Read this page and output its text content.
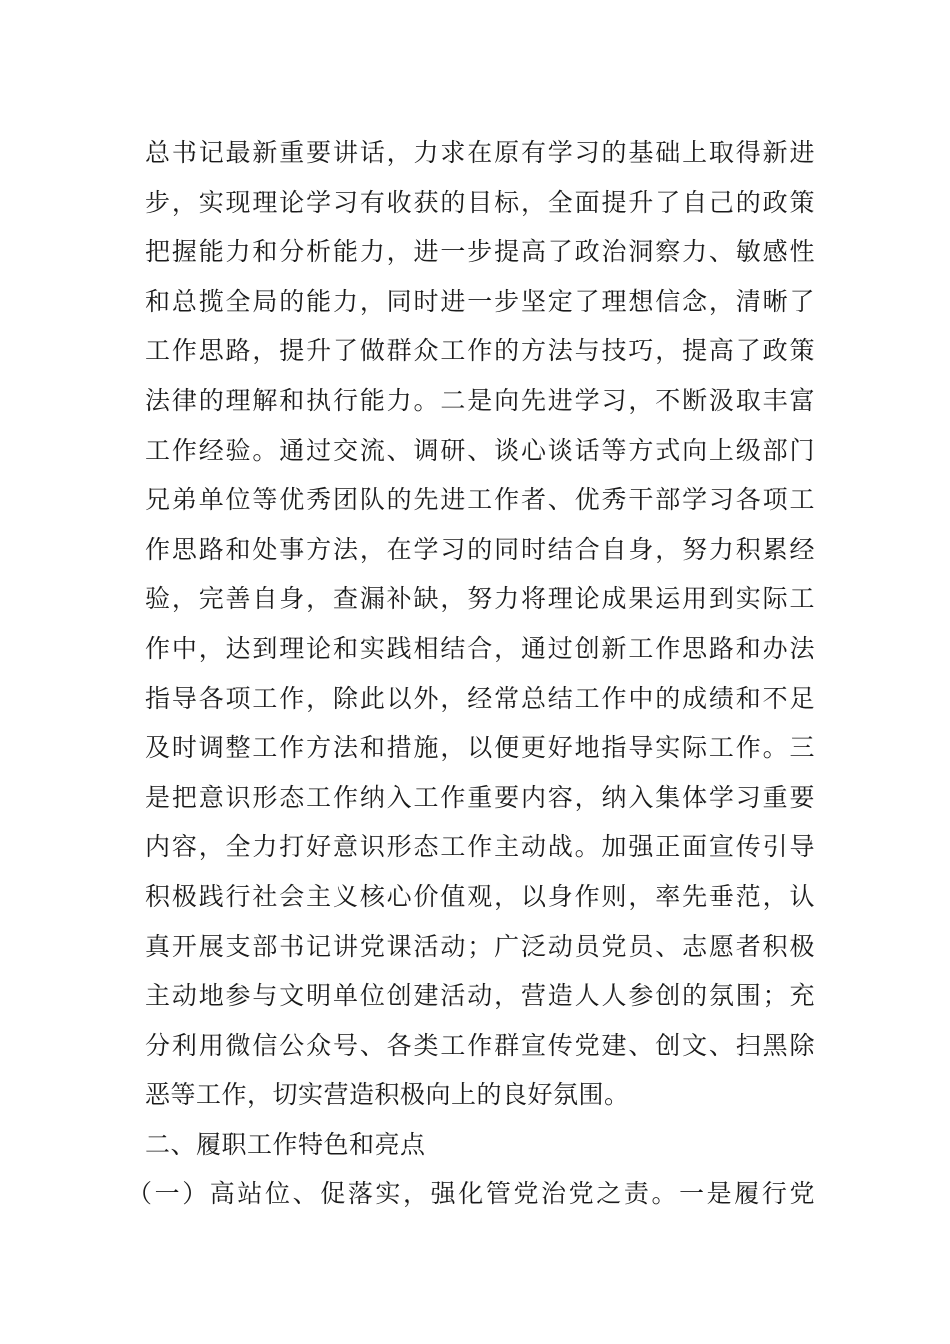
总书记最新重要讲话，力求在原有学习的基础上取得新进
步，实现理论学习有收获的目标，全面提升了自己的政策
把握能力和分析能力，进一步提高了政治洞察力、敏感性
和总揽全局的能力，同时进一步坚定了理想信念，清晰了
工作思路，提升了做群众工作的方法与技巧，提高了政策
法律的理解和执行能力。二是向先进学习，不断汲取丰富
工作经验。通过交流、调研、谈心谈话等方式向上级部门
兄弟单位等优秀团队的先进工作者、优秀干部学习各项工
作思路和处事方法，在学习的同时结合自身，努力积累经
验，完善自身，查漏补缺，努力将理论成果运用到实际工
作中，达到理论和实践相结合，通过创新工作思路和办法
指导各项工作，除此以外，经常总结工作中的成绩和不足
及时调整工作方法和措施，以便更好地指导实际工作。三
是把意识形态工作纳入工作重要内容，纳入集体学习重要
内容，全力打好意识形态工作主动战。加强正面宣传引导
积极践行社会主义核心价值观，以身作则，率先垂范，认
真开展支部书记讲党课活动；广泛动员党员、志愿者积极
主动地参与文明单位创建活动，营造人人参创的氛围；充
分利用微信公众号、各类工作群宣传党建、创文、扫黑除
恶等工作，切实营造积极向上的良好氛围。
二、履职工作特色和亮点
（一）高站位、促落实，强化管党治党之责。一是履行党
